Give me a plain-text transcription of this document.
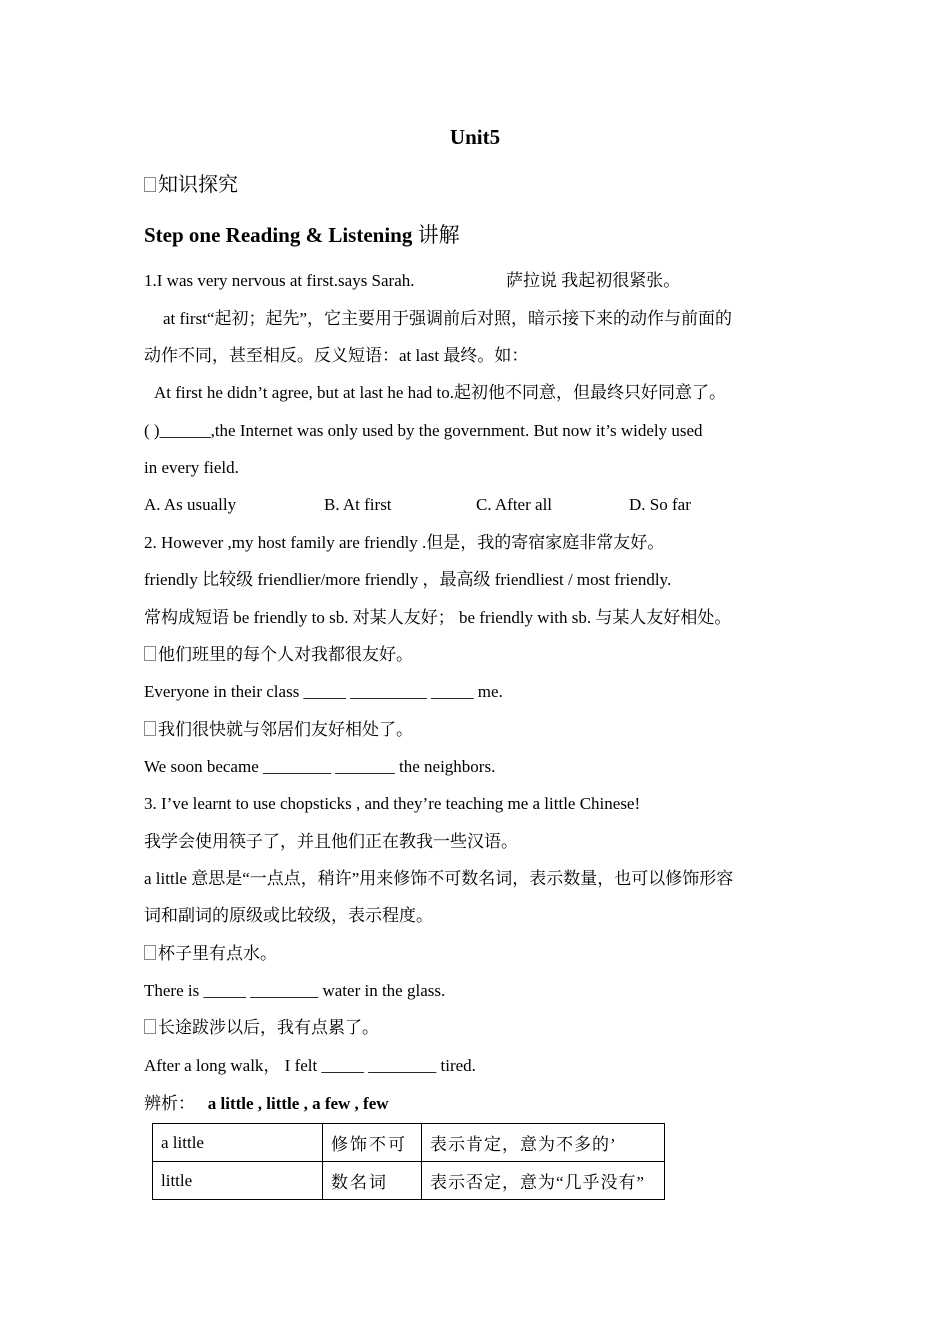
Unit5
知识探究
Step one Reading & Listening 讲解
1.I was very nervous at first.says Sarah.	萨拉说 我起初很紧张。
at first“起初；起先”，它主要用于强调前后对照，暗示接下来的动作与前面的
动作不同，甚至相反。反义短语：at last 最终。如：
At first he didn’t agree, but at last he had to.起初他不同意，但最终只好同意了。
( )______,the Internet was only used by the government. But now it’s widely used
in every field.
A. As usually	B. At first	C. After all	D. So far
2. However ,my host family are friendly .但是，我的寄宿家庭非常友好。
friendly 比较级 friendlier/more friendly ，最高级 friendliest / most friendly.
常构成短语 be friendly to sb. 对某人友好； be friendly with sb. 与某人友好相处。
他们班里的每个人对我都很友好。
Everyone in their class _____ _________ _____ me.
我们很快就与邻居们友好相处了。
We soon became ________ _______ the neighbors.
3. I’ve learnt to use chopsticks , and they’re teaching me a little Chinese!
我学会使用筷子了，并且他们正在教我一些汉语。
a little 意思是“一点点，稍许”用来修饰不可数名词，表示数量，也可以修饰形容
词和副词的原级或比较级，表示程度。
杯子里有点水。
There is _____ ________ water in the glass.
长途跋涉以后，我有点累了。
After a long walk， I felt _____ ________ tired.
辨析： a little , little , a few , few
a little	修饰不可	表示肯定，意为不多的’
little	数名词	表示否定，意为“几乎没有”
